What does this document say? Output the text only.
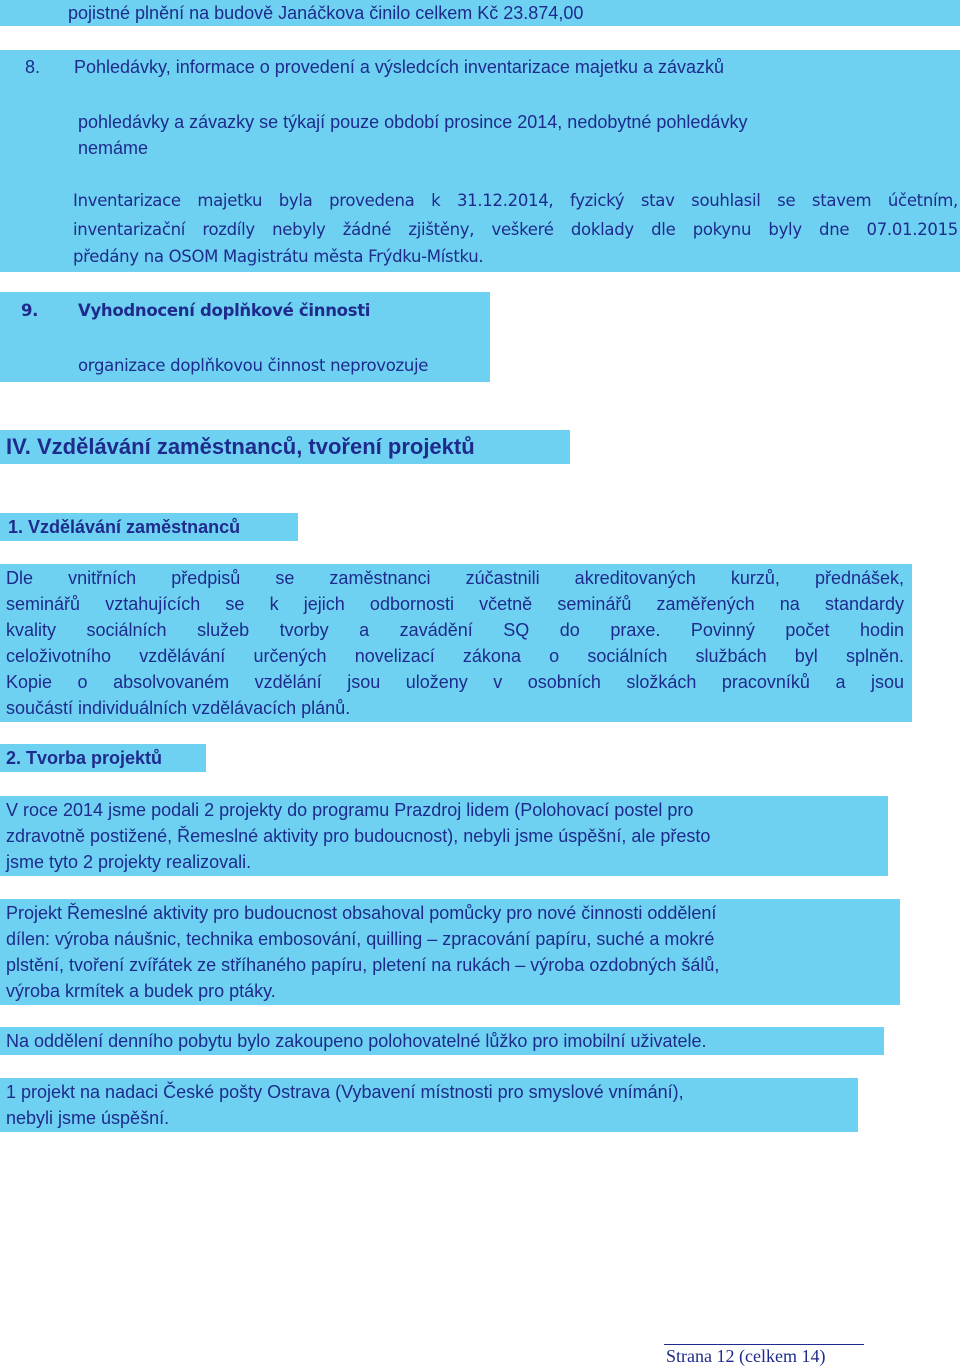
pojistné plnění na budově Janáčkova činilo celkem Kč 23.874,00
8. Pohledávky, informace o provedení a výsledcích inventarizace majetku a závazků
pohledávky a závazky se týkají pouze období prosince 2014, nedobytné pohledávky
nemáme
Inventarizace majetku byla provedena k 31.12.2014, fyzický stav souhlasil se stavem účetním,
inventarizační rozdíly nebyly žádné zjištěny, veškeré doklady dle pokynu byly dne 07.01.2015
předány na OSOM Magistrátu města Frýdku-Místku.
9. Vyhodnocení doplňkové činnosti
organizace doplňkovou činnost neprovozuje
IV. Vzdělávání zaměstnanců, tvoření projektů
1. Vzdělávání zaměstnanců
Dle vnitřních předpisů se zaměstnanci zúčastnili akreditovaných kurzů, přednášek,
seminářů vztahujících se k jejich odbornosti včetně seminářů zaměřených na standardy
kvality sociálních služeb tvorby a zavádění SQ do praxe. Povinný počet hodin
celoživotního vzdělávání určených novelizací zákona o sociálních službách byl splněn.
Kopie o absolvovaném vzdělání jsou uloženy v osobních složkách pracovníků a jsou
součástí individuálních vzdělávacích plánů.
2. Tvorba projektů
V roce 2014 jsme podali 2 projekty do programu Prazdroj lidem (Polohovací postel pro
zdravotně postižené, Řemeslné aktivity pro budoucnost), nebyli jsme úspěšní, ale přesto
jsme tyto 2 projekty realizovali.
Projekt Řemeslné aktivity pro budoucnost obsahoval pomůcky pro nové činnosti oddělení
dílen: výroba náušnic, technika embosování, quilling – zpracování papíru, suché a mokré
plstění, tvoření zvířátek ze stříhaného papíru, pletení na rukách – výroba ozdobných šálů,
výroba krmítek a budek pro ptáky.
Na oddělení denního pobytu bylo zakoupeno polohovatelné lůžko pro imobilní uživatele.
1 projekt na nadaci České pošty Ostrava (Vybavení místnosti pro smyslové vnímání),
nebyli jsme úspěšní.
Strana 12 (celkem 14)
